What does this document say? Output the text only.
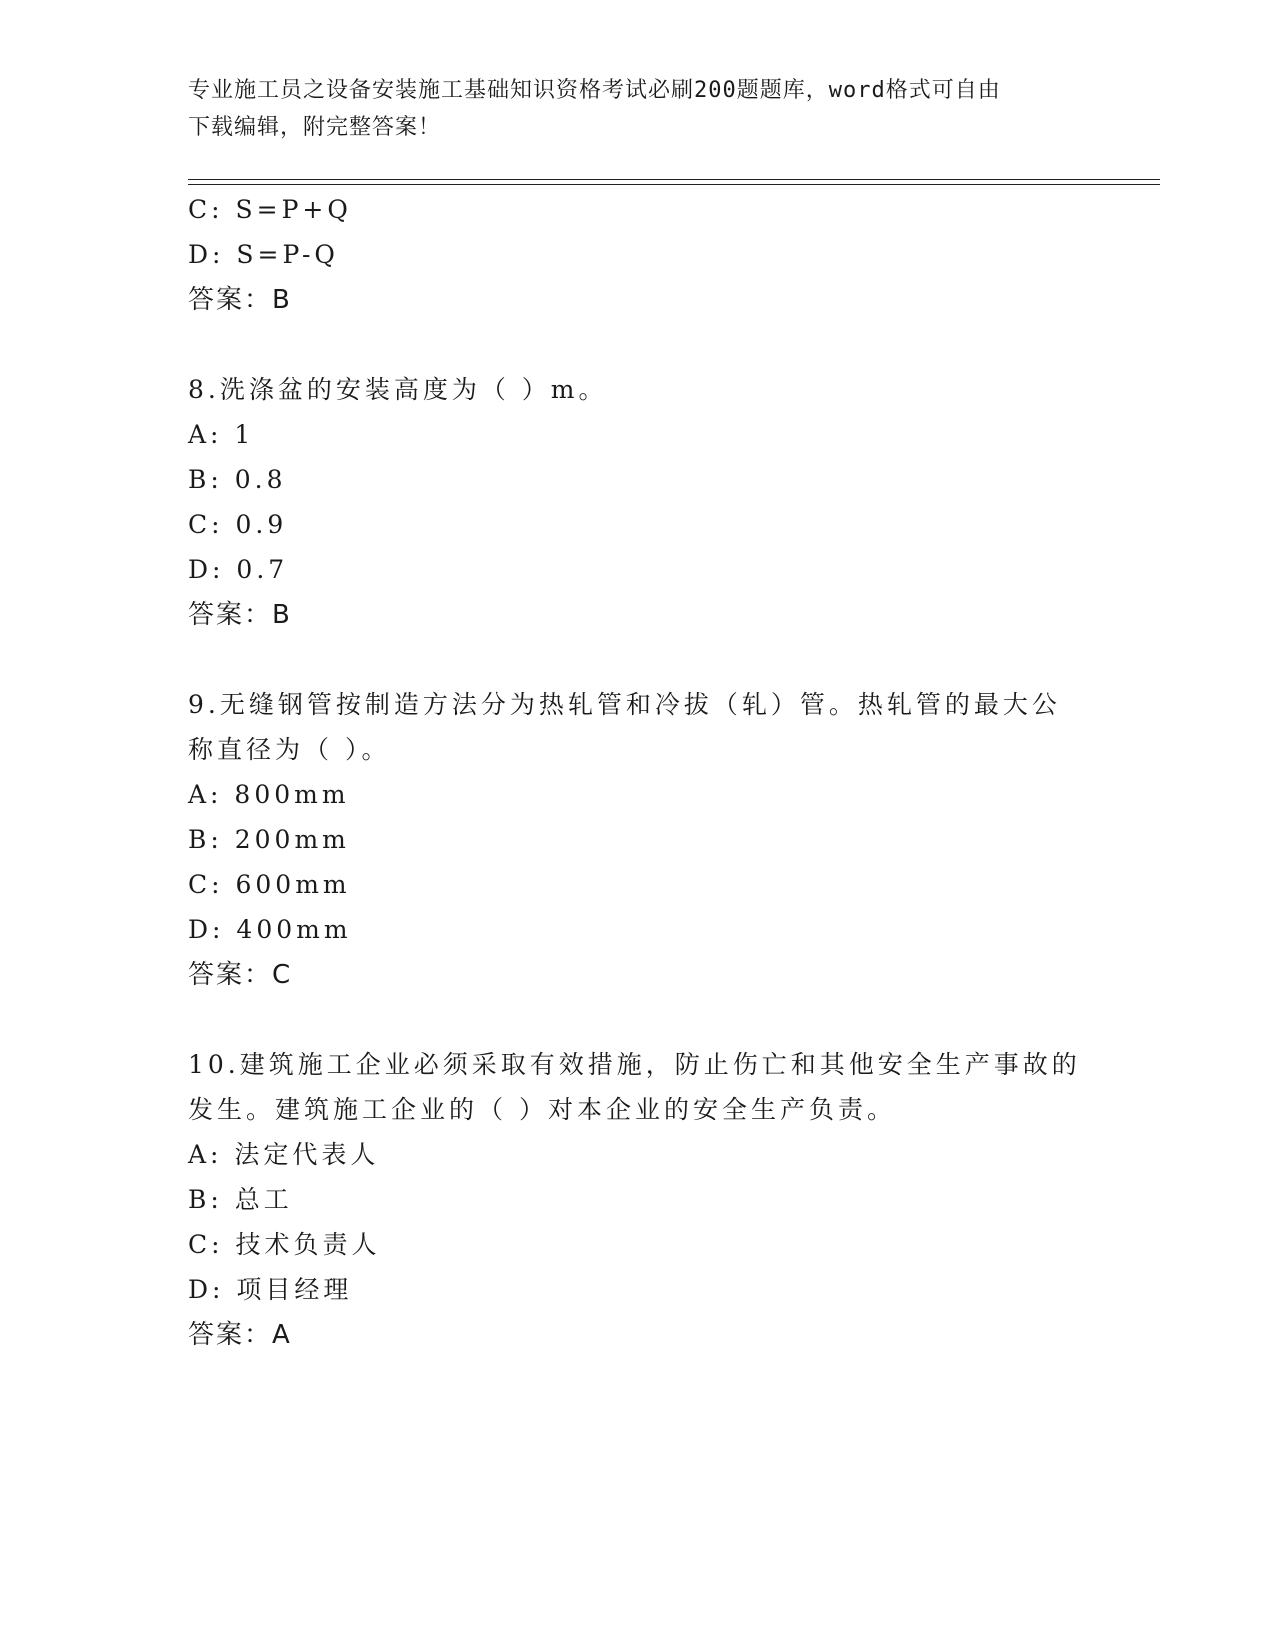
专业施工员之设备安装施工基础知识资格考试必刷200题题库，word格式可自由
下载编辑，附完整答案！
C: S=P+Q
D: S=P-Q
答案：B
8.洗涤盆的安装高度为（ ）m。
A: 1
B: 0.8
C: 0.9
D: 0.7
答案：B
9.无缝钢管按制造方法分为热轧管和冷拔（轧）管。热轧管的最大公
称直径为（ ）。
A: 800mm
B: 200mm
C: 600mm
D: 400mm
答案：C
10.建筑施工企业必须采取有效措施，防止伤亡和其他安全生产事故的
发生。建筑施工企业的（ ）对本企业的安全生产负责。
A: 法定代表人
B: 总工
C: 技术负责人
D: 项目经理
答案：A
